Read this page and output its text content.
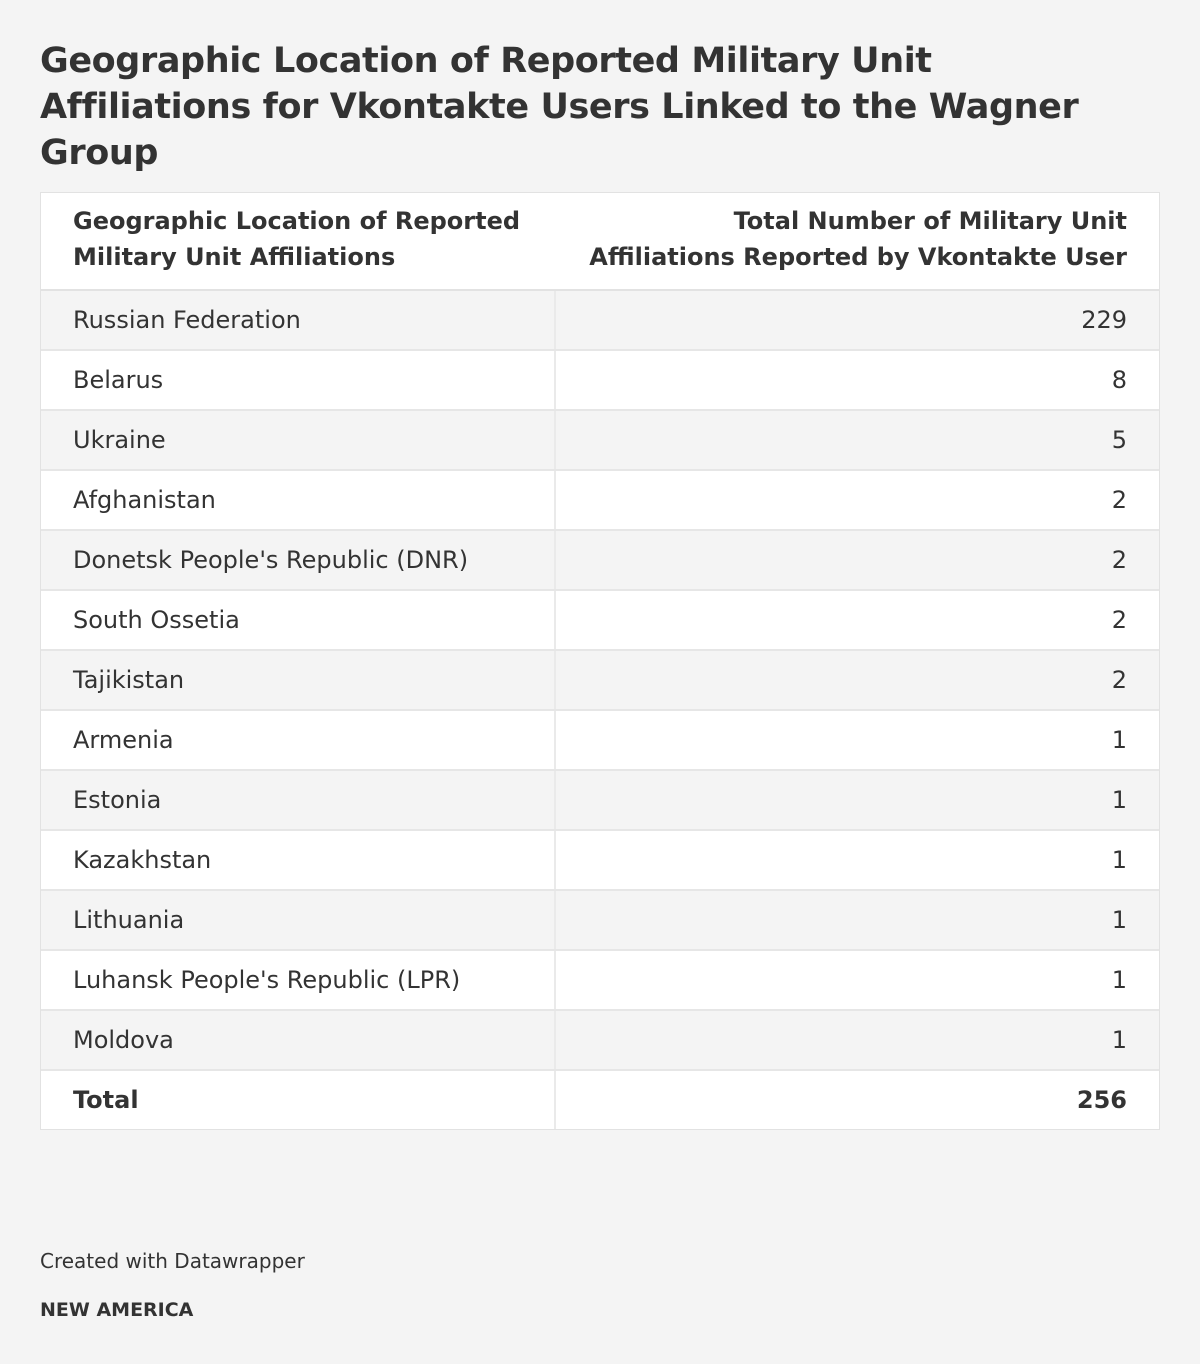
Geographic Location of Reported Military Unit Affiliations for Vkontakte Users Linked to the Wagner Group
Geographic Location of Reported Military Unit Affiliations	Total Number of Military Unit Affiliations Reported by Vkontakte User

Russian Federation	229

Belarus	8

Ukraine	5

Afghanistan	2

Donetsk People's Republic (DNR)	2

South Ossetia	2

Tajikistan	2

Armenia	1

Estonia	1

Kazakhstan	1

Lithuania	1

Luhansk People's Republic (LPR)	1

Moldova	1
Total	256
Created with Datawrapper
NEW AMERICA
